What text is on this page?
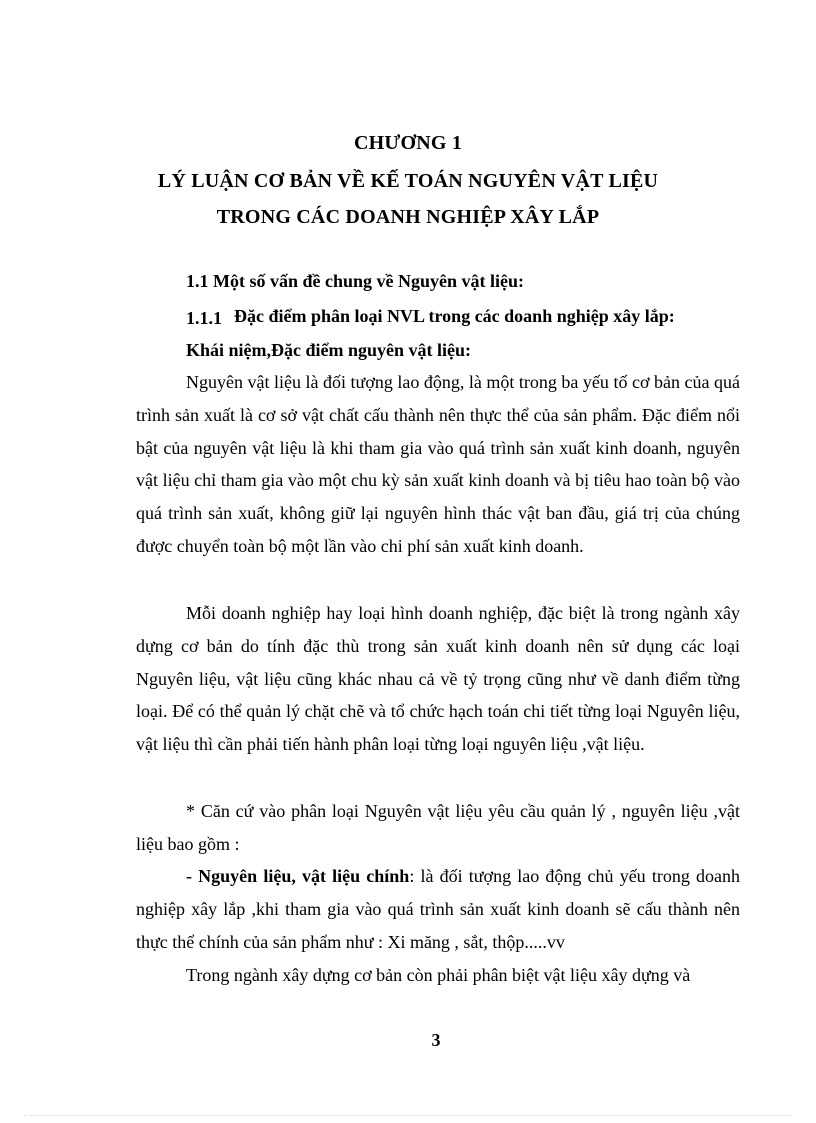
CHƯƠNG 1
LÝ LUẬN CƠ BẢN VỀ KẾ TOÁN NGUYÊN VẬT LIỆU
TRONG CÁC DOANH NGHIỆP XÂY LẮP
1.1 Một số vấn đề chung về Nguyên vật liệu:
1.1.1 Đặc điểm phân loại NVL trong các doanh nghiệp xây lắp:
Khái niệm,Đặc điểm nguyên vật liệu:

Nguyên vật liệu là đối tượng lao động, là một trong ba yếu tố cơ bản của quá trình sản xuất là cơ sở vật chất cấu thành nên thực thể của sản phẩm. Đặc điểm nổi bật của nguyên vật liệu là khi tham gia vào quá trình sản xuất kinh doanh, nguyên vật liệu chỉ tham gia vào một chu kỳ sản xuất kinh doanh và bị tiêu hao toàn bộ vào quá trình sản xuất, không giữ lại nguyên hình thác vật ban đầu, giá trị của chúng được chuyển toàn bộ một lần vào chi phí sản xuất kinh doanh.

Mỗi doanh nghiệp hay loại hình doanh nghiệp, đặc biệt là trong ngành xây dựng cơ bản do tính đặc thù trong sản xuất kinh doanh nên sử dụng các loại Nguyên liệu, vật liệu cũng khác nhau cả về tỷ trọng cũng như về danh điểm từng loại. Để có thể quản lý chặt chẽ và tổ chức hạch toán chi tiết từng loại Nguyên liệu, vật liệu thì cần phải tiến hành phân loại từng loại nguyên liệu ,vật liệu.

* Căn cứ vào phân loại Nguyên vật liệu yêu cầu quản lý , nguyên liệu ,vật liệu bao gồm :

- Nguyên liệu, vật liệu chính: là đối tượng lao động chủ yếu trong doanh nghiệp xây lắp ,khi tham gia vào quá trình sản xuất kinh doanh sẽ cấu thành nên thực thể chính của sản phẩm như : Xi măng , sắt, thộp.....vv

Trong ngành xây dựng cơ bản còn phải phân biệt vật liệu xây dựng và

3
